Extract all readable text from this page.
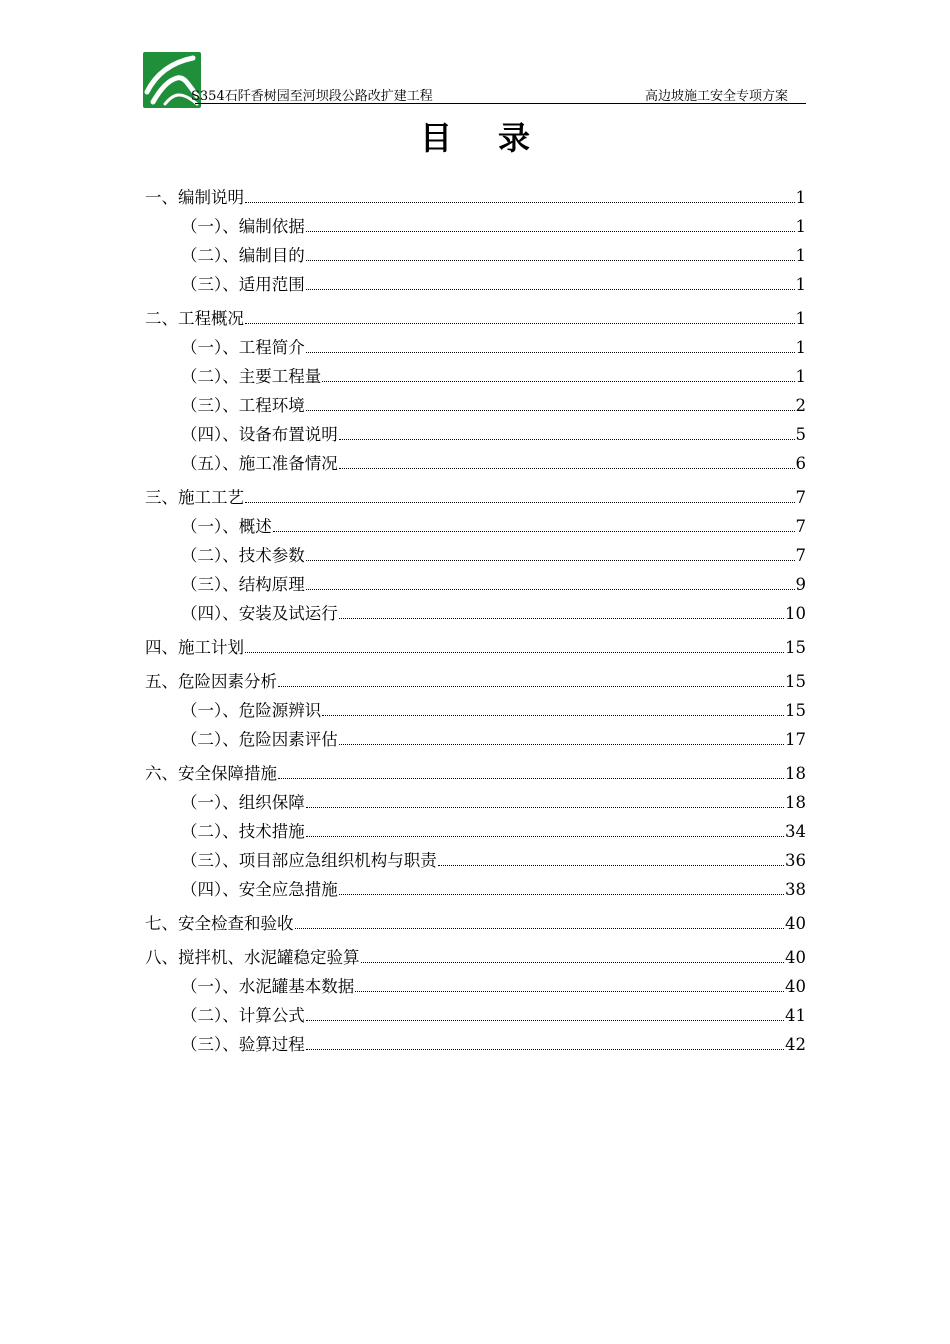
S354石阡香树园至河坝段公路改扩建工程	高边坡施工安全专项方案
目录
一、编制说明	1
（一）、编制依据	1
（二）、编制目的	1
（三）、适用范围	1
二、工程概况	1
（一）、工程简介	1
（二）、主要工程量	1
（三）、工程环境	2
（四）、设备布置说明	5
（五）、施工准备情况	6
三、施工工艺	7
（一）、概述	7
（二）、技术参数	7
（三）、结构原理	9
（四）、安装及试运行	10
四、施工计划	15
五、危险因素分析	15
（一）、危险源辨识	15
（二）、危险因素评估	17
六、安全保障措施	18
（一）、组织保障	18
（二）、技术措施	34
（三）、项目部应急组织机构与职责	36
（四）、安全应急措施	38
七、安全检查和验收	40
八、搅拌机、水泥罐稳定验算	40
（一）、水泥罐基本数据	40
（二）、计算公式	41
（三）、验算过程	42
